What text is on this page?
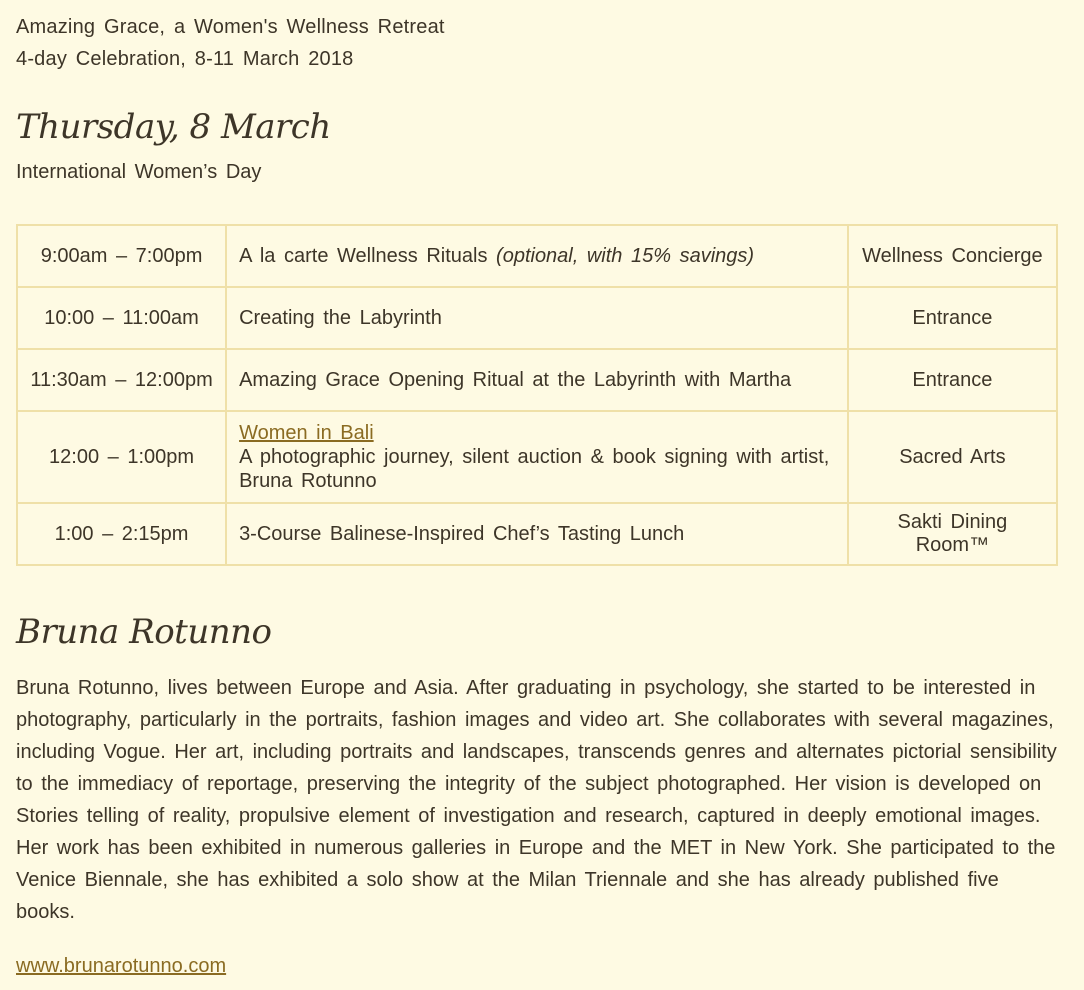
Amazing Grace, a Women's Wellness Retreat
4-day Celebration, 8-11 March 2018
Thursday, 8 March
International Women’s Day
9:00am – 7:00pm	A la carte Wellness Rituals (optional, with 15% savings)	Wellness Concierge
10:00 – 11:00am	Creating the Labyrinth	Entrance
11:30am – 12:00pm	Amazing Grace Opening Ritual at the Labyrinth with Martha	Entrance
12:00 – 1:00pm	Women in Bali
A photographic journey, silent auction & book signing with artist, Bruna Rotunno	Sacred Arts
1:00 – 2:15pm	3-Course Balinese-Inspired Chef’s Tasting Lunch	Sakti Dining Room™
Bruna Rotunno

Bruna Rotunno, lives between Europe and Asia. After graduating in psychology, she started to be interested in photography, particularly in the portraits, fashion images and video art. She collaborates with several magazines, including Vogue. Her art, including portraits and landscapes, transcends genres and alternates pictorial sensibility to the immediacy of reportage, preserving the integrity of the subject photographed. Her vision is developed on Stories telling of reality, propulsive element of investigation and research, captured in deeply emotional images. Her work has been exhibited in numerous galleries in Europe and the MET in New York. She participated to the Venice Biennale, she has exhibited a solo show at the Milan Triennale and she has already published five books.

www.brunarotunno.com
